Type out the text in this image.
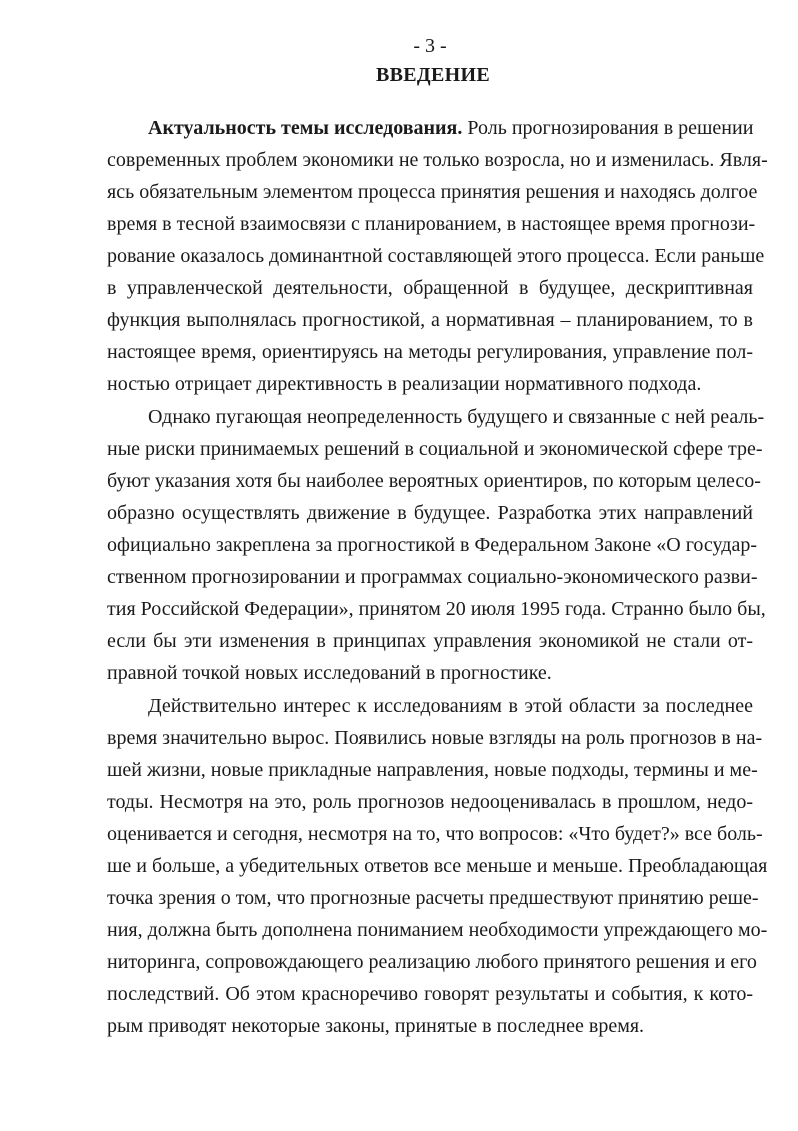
- 3 -
ВВЕДЕНИЕ
Актуальность темы исследования. Роль прогнозирования в решении
современных проблем экономики не только возросла, но и изменилась. Явля-
ясь обязательным элементом процесса принятия решения и находясь долгое
время в тесной взаимосвязи с планированием, в настоящее время прогнози-
рование оказалось доминантной составляющей этого процесса. Если раньше
в управленческой деятельности, обращенной в будущее, дескриптивная
функция выполнялась прогностикой, а нормативная – планированием, то в
настоящее время, ориентируясь на методы регулирования, управление пол-
ностью отрицает директивность в реализации нормативного подхода.
Однако пугающая неопределенность будущего и связанные с ней реаль-
ные риски принимаемых решений в социальной и экономической сфере тре-
буют указания хотя бы наиболее вероятных ориентиров, по которым целесо-
образно осуществлять движение в будущее. Разработка этих направлений
официально закреплена за прогностикой в Федеральном Законе «О государ-
ственном прогнозировании и программах социально-экономического разви-
тия Российской Федерации», принятом 20 июля 1995 года. Странно было бы,
если бы эти изменения в принципах управления экономикой не стали от-
правной точкой новых исследований в прогностике.
Действительно интерес к исследованиям в этой области за последнее
время значительно вырос. Появились новые взгляды на роль прогнозов в на-
шей жизни, новые прикладные направления, новые подходы, термины и ме-
тоды. Несмотря на это, роль прогнозов недооценивалась в прошлом, недо-
оценивается и сегодня, несмотря на то, что вопросов: «Что будет?» все боль-
ше и больше, а убедительных ответов все меньше и меньше. Преобладающая
точка зрения о том, что прогнозные расчеты предшествуют принятию реше-
ния, должна быть дополнена пониманием необходимости упреждающего мо-
ниторинга, сопровождающего реализацию любого принятого решения и его
последствий. Об этом красноречиво говорят результаты и события, к кото-
рым приводят некоторые законы, принятые в последнее время.
